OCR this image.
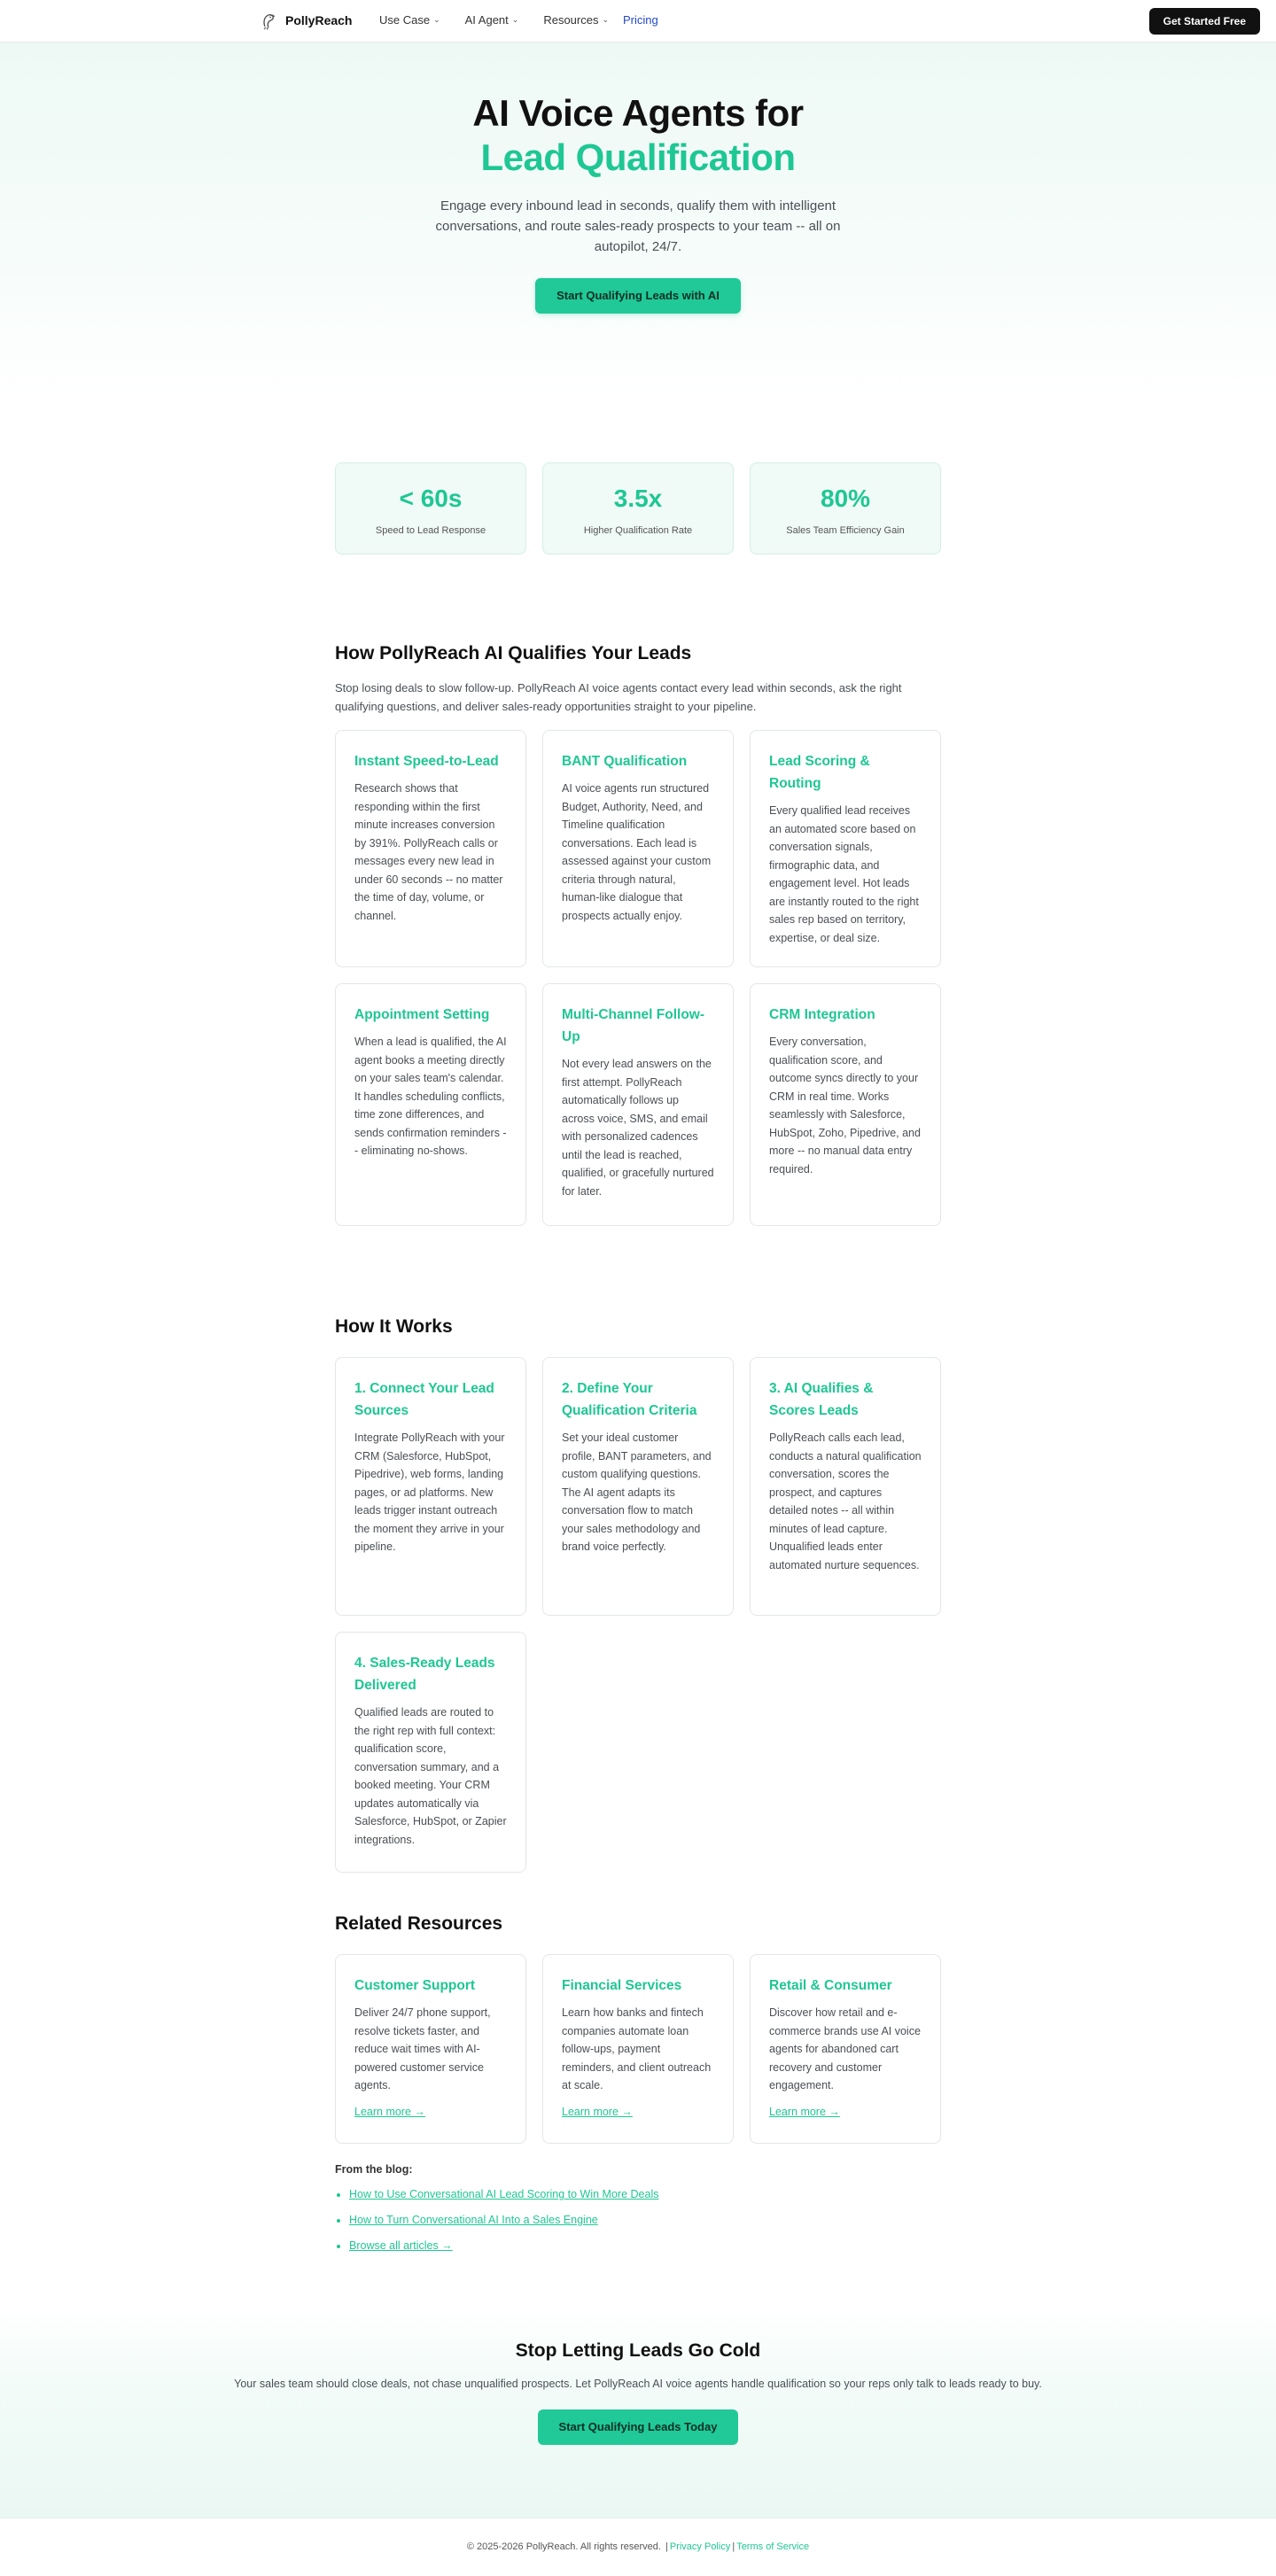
PollyReach Use Case ⌄ AI Agent ⌄ Resources ⌄ Pricing	Get Started Free
AI Voice Agents for
Lead Qualification

Engage every inbound lead in seconds, qualify them with intelligent conversations, and route sales-ready prospects to your team -- all on autopilot, 24/7.

Start Qualifying Leads with AI
< 60s
Speed to Lead Response
3.5x
Higher Qualification Rate
80%
Sales Team Efficiency Gain
How PollyReach AI Qualifies Your Leads

Stop losing deals to slow follow-up. PollyReach AI voice agents contact every lead within seconds, ask the right qualifying questions, and deliver sales-ready opportunities straight to your pipeline.

Instant Speed-to-Lead

Research shows that responding within the first minute increases conversion by 391%. PollyReach calls or messages every new lead in under 60 seconds -- no matter the time of day, volume, or channel.

BANT Qualification

AI voice agents run structured Budget, Authority, Need, and Timeline qualification conversations. Each lead is assessed against your custom criteria through natural, human-like dialogue that prospects actually enjoy.

Lead Scoring & Routing

Every qualified lead receives an automated score based on conversation signals, firmographic data, and engagement level. Hot leads are instantly routed to the right sales rep based on territory, expertise, or deal size.

Appointment Setting

When a lead is qualified, the AI agent books a meeting directly on your sales team's calendar. It handles scheduling conflicts, time zone differences, and sends confirmation reminders -- eliminating no-shows.

Multi-Channel Follow-Up

Not every lead answers on the first attempt. PollyReach automatically follows up across voice, SMS, and email with personalized cadences until the lead is reached, qualified, or gracefully nurtured for later.

CRM Integration

Every conversation, qualification score, and outcome syncs directly to your CRM in real time. Works seamlessly with Salesforce, HubSpot, Zoho, Pipedrive, and more -- no manual data entry required.

How It Works
1. Connect Your Lead Sources

Integrate PollyReach with your CRM (Salesforce, HubSpot, Pipedrive), web forms, landing pages, or ad platforms. New leads trigger instant outreach the moment they arrive in your pipeline.

2. Define Your Qualification Criteria

Set your ideal customer profile, BANT parameters, and custom qualifying questions. The AI agent adapts its conversation flow to match your sales methodology and brand voice perfectly.

3. AI Qualifies & Scores Leads

PollyReach calls each lead, conducts a natural qualification conversation, scores the prospect, and captures detailed notes -- all within minutes of lead capture. Unqualified leads enter automated nurture sequences.

4. Sales-Ready Leads Delivered

Qualified leads are routed to the right rep with full context: qualification score, conversation summary, and a booked meeting. Your CRM updates automatically via Salesforce, HubSpot, or Zapier integrations.

Related Resources
Customer Support

Deliver 24/7 phone support, resolve tickets faster, and reduce wait times with AI-powered customer service agents.

Learn more →
Financial Services

Learn how banks and fintech companies automate loan follow-ups, payment reminders, and client outreach at scale.

Learn more →
Retail & Consumer

Discover how retail and e-commerce brands use AI voice agents for abandoned cart recovery and customer engagement.

Learn more →
From the blog:
• How to Use Conversational AI Lead Scoring to Win More Deals
• How to Turn Conversational AI Into a Sales Engine
• Browse all articles →
Stop Letting Leads Go Cold

Your sales team should close deals, not chase unqualified prospects. Let PollyReach AI voice agents handle qualification so your reps only talk to leads ready to buy.

Start Qualifying Leads Today
© 2025-2026 PollyReach. All rights reserved. | Privacy Policy | Terms of Service
